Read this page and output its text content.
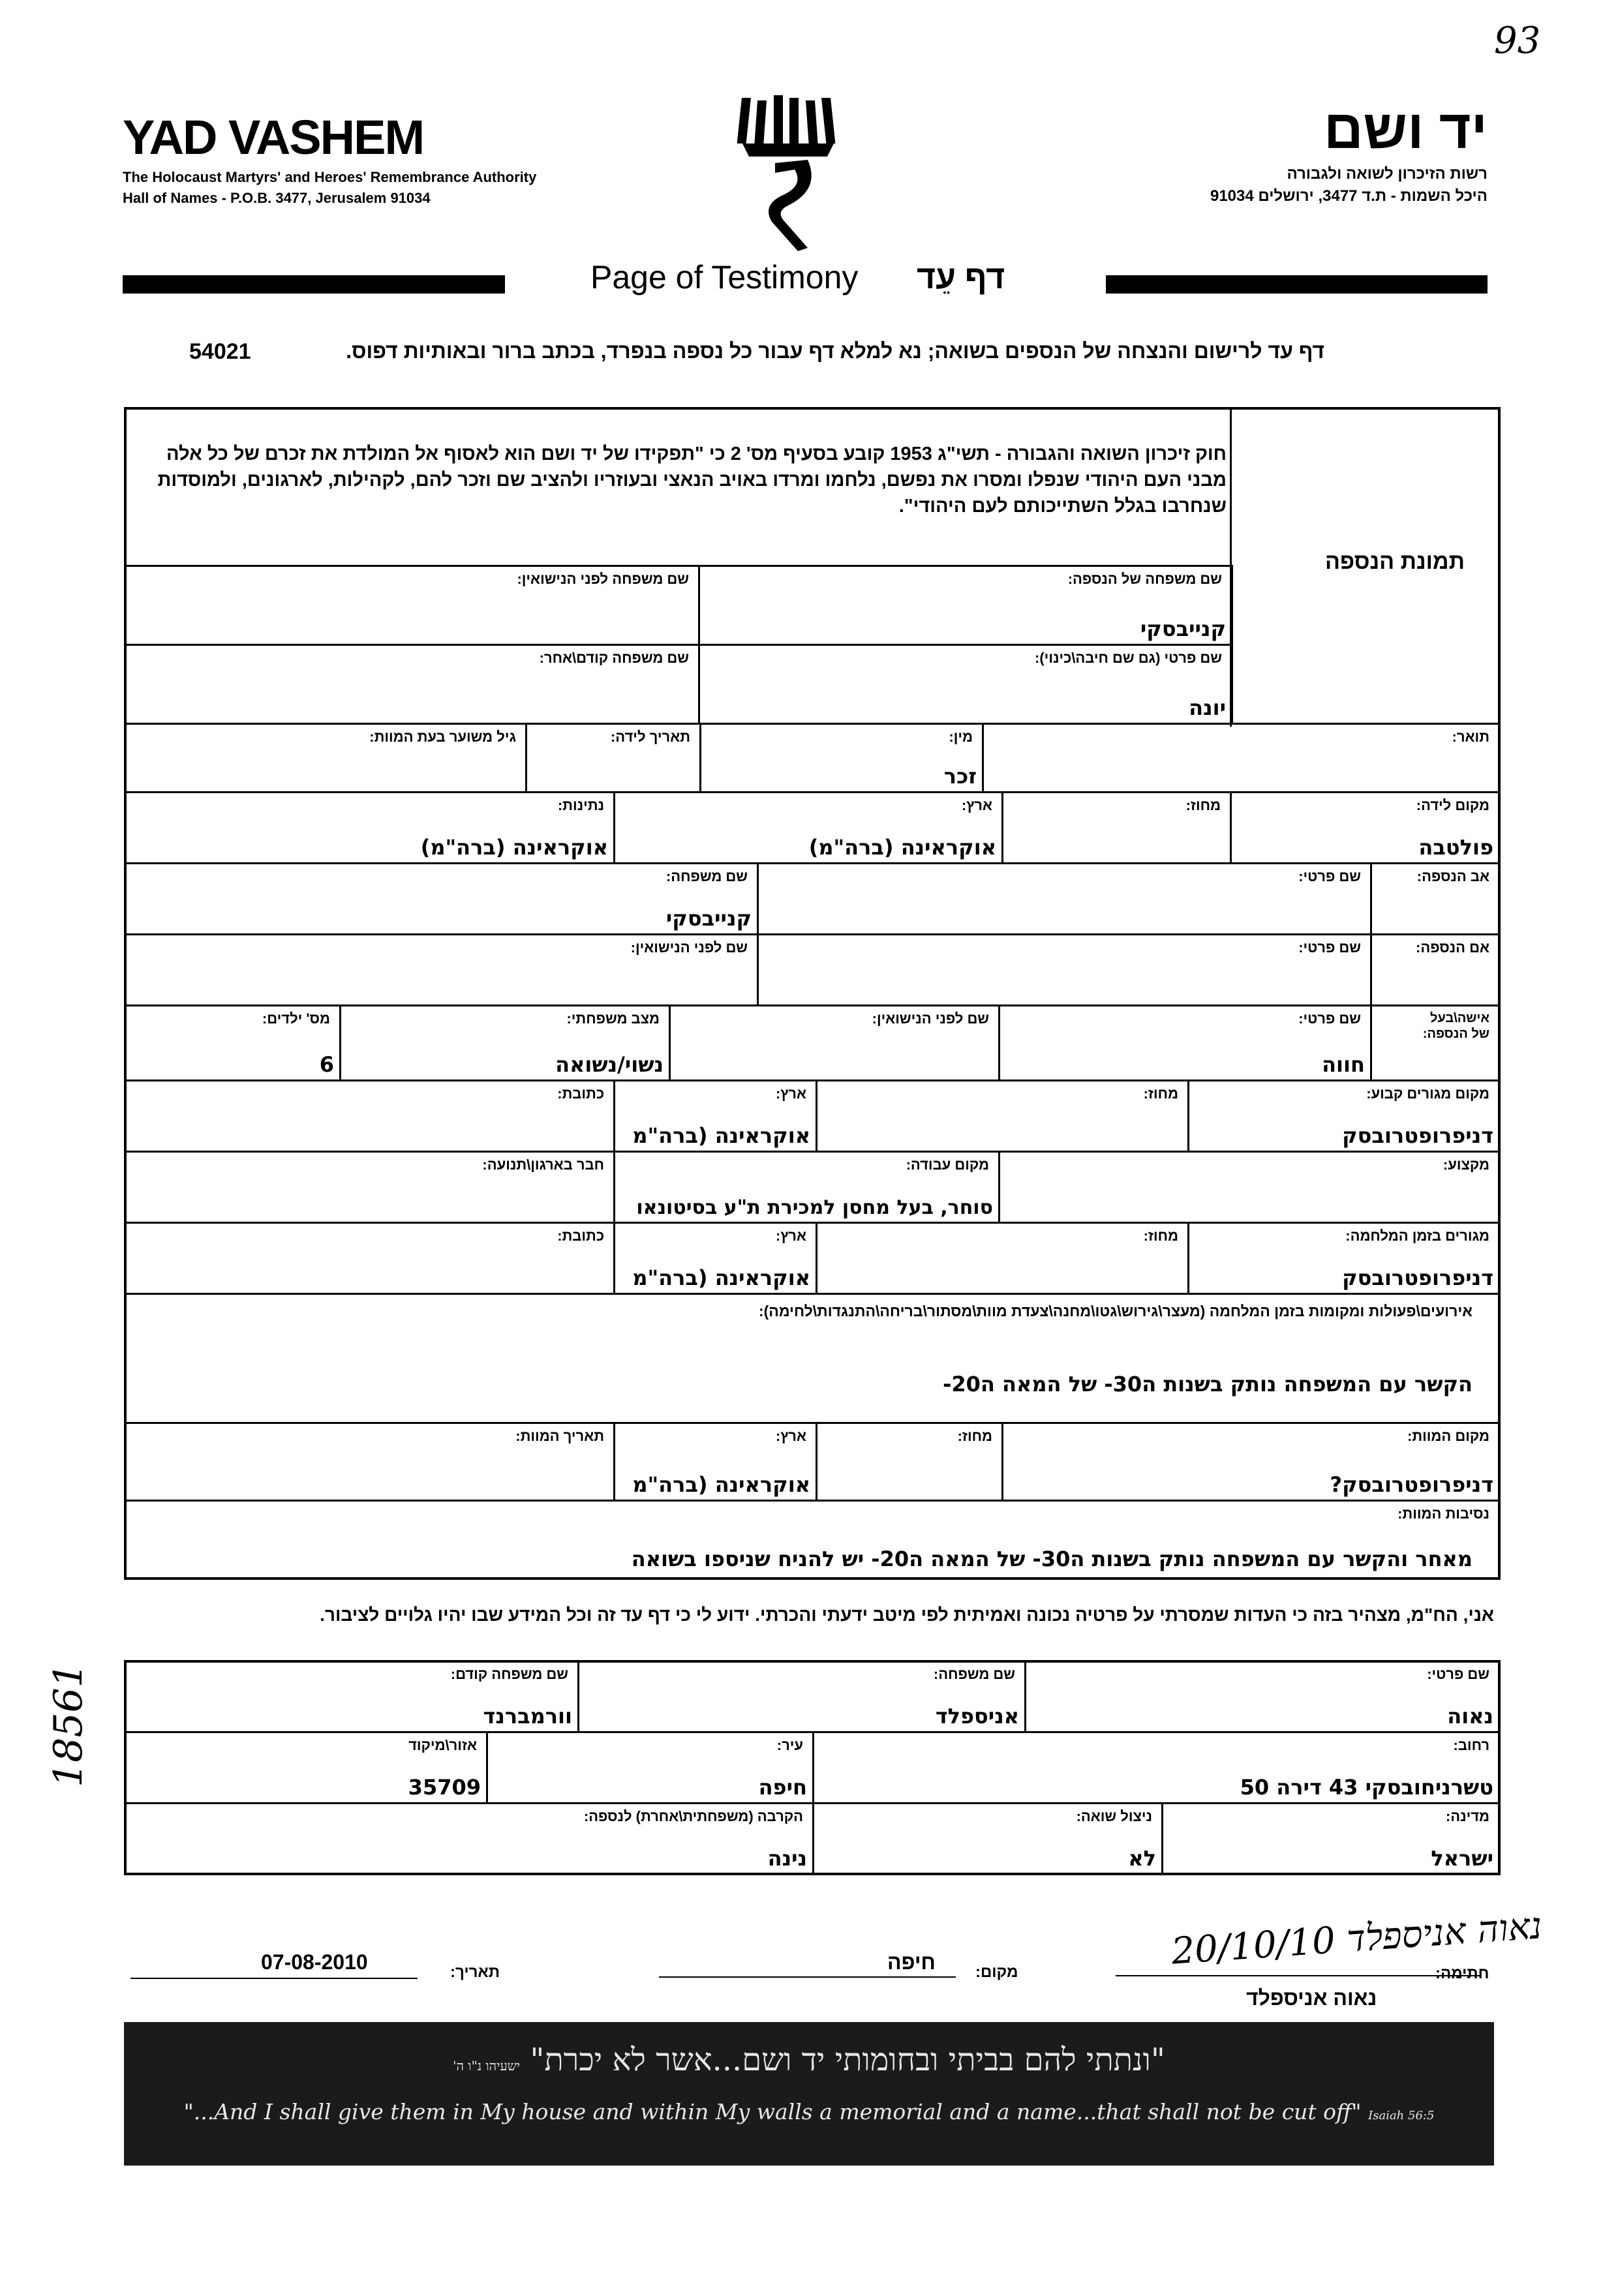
93
YAD VASHEM
The Holocaust Martyrs' and Heroes' Remembrance Authority
Hall of Names - P.O.B. 3477, Jerusalem 91034
יד ושם
רשות הזיכרון לשואה ולגבורה
היכל השמות - ת.ד 3477, ירושלים 91034
Page of Testimony דף עֵד
דף עד לרישום והנצחה של הנספים בשואה; נא למלא דף עבור כל נספה בנפרד, בכתב ברור ובאותיות דפוס.
54021
חוק זיכרון השואה והגבורה - תשי"ג 1953 קובע בסעיף מס' 2 כי "תפקידו של יד ושם הוא לאסוף אל המולדת את זכרם של כל אלה מבני העם היהודי שנפלו ומסרו את נפשם, נלחמו ומרדו באויב הנאצי ובעוזריו ולהציב שם וזכר להם, לקהילות, לארגונים, ולמוסדות שנחרבו בגלל השתייכותם לעם היהודי".
תמונת הנספה
שם משפחה של הנספה:
קנייבסקי
שם משפחה לפני הנישואין:
שם פרטי (גם שם חיבה\כינוי):
יונה
שם משפחה קודם\אחר:
תואר:
מין:
זכר
תאריך לידה:
גיל משוער בעת המוות:
מקום לידה:
פולטבה
מחוז:
ארץ:
אוקראינה (ברה"מ)
נתינות:
אוקראינה (ברה"מ)
אב הנספה:
שם פרטי:
שם משפחה:
קנייבסקי
אם הנספה:
שם פרטי:
שם לפני הנישואין:
אישה\בעל של הנספה:
שם פרטי:
חווה
שם לפני הנישואין:
מצב משפחתי:
נשוי/נשואה
מס' ילדים:
6
מקום מגורים קבוע:
דניפרופטרובסק
מחוז:
ארץ:
אוקראינה (ברה"מ
כתובת:
מקצוע:
מקום עבודה:
סוחר, בעל מחסן למכירת ת"ע בסיטונאו
חבר בארגון\תנועה:
מגורים בזמן המלחמה:
דניפרופטרובסק
מחוז:
ארץ:
אוקראינה (ברה"מ
כתובת:
אירועים\פעולות ומקומות בזמן המלחמה (מעצר\גירוש\גטו\מחנה\צעדת מוות\מסתור\בריחה\התנגדות\לחימה):
הקשר עם המשפחה נותק בשנות ה30- של המאה ה20-
מקום המוות:
דניפרופטרובסק?
מחוז:
ארץ:
אוקראינה (ברה"מ
תאריך המוות:
נסיבות המוות:
מאחר והקשר עם המשפחה נותק בשנות ה30- של המאה ה20- יש להניח שניספו בשואה
אני, הח"מ, מצהיר בזה כי העדות שמסרתי על פרטיה נכונה ואמיתית לפי מיטב ידעתי והכרתי. ידוע לי כי דף עד זה וכל המידע שבו יהיו גלויים לציבור.
שם פרטי:
נאוה
שם משפחה:
אניספלד
שם משפחה קודם:
וורמברנד
רחוב:
טשרניחובסקי 43 דירה 50
עיר:
חיפה
אזור\מיקוד
35709
מדינה:
ישראל
ניצול שואה:
לא
הקרבה (משפחתית\אחרת) לנספה:
נינה
18561
20/10/10 נאוה אניספלד
חתימה:
נאוה אניספלד
חיפה	מקום:
07-08-2010	תאריך:
"ונתתי להם בביתי ובחומותי יד ושם...אשר לא יכרת" ישעיהו נ"ו ה'
"...And I shall give them in My house and within My walls a memorial and a name...that shall not be cut off" Isaiah 56:5
